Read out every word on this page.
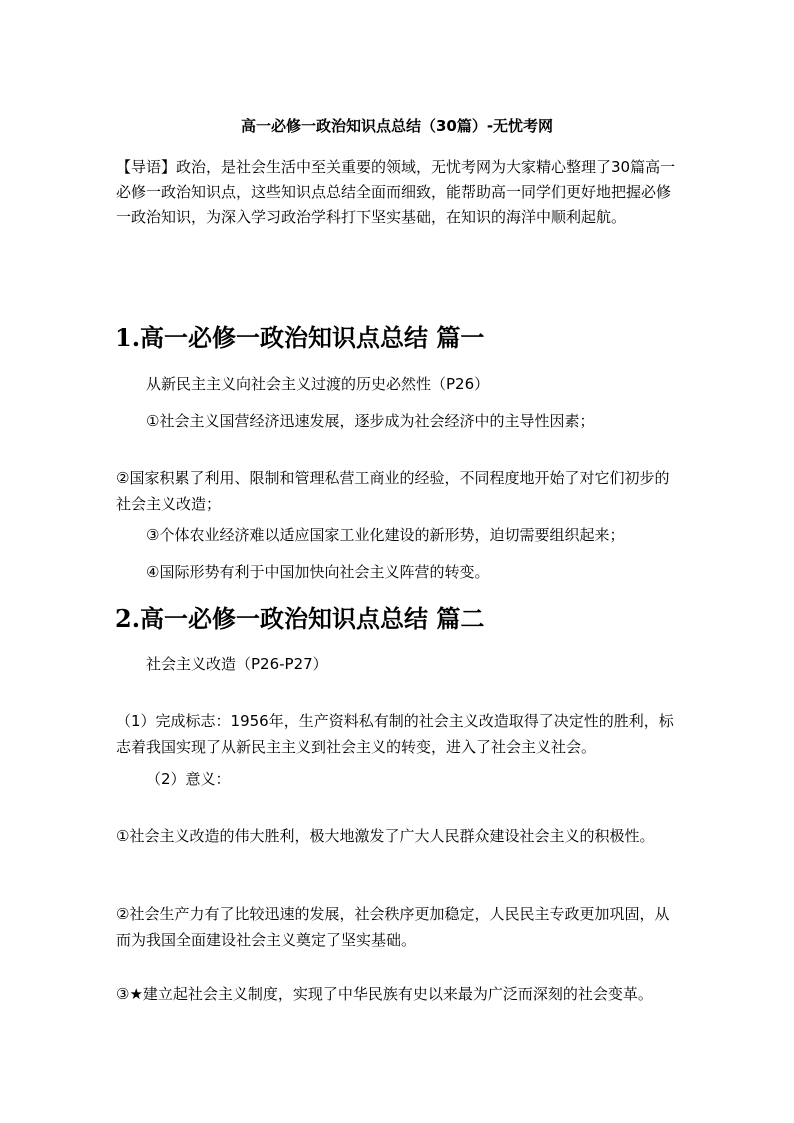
高一必修一政治知识点总结（30篇）-无忧考网
【导语】政治，是社会生活中至关重要的领域，无忧考网为大家精心整理了30篇高一必修一政治知识点，这些知识点总结全面而细致，能帮助高一同学们更好地把握必修一政治知识，为深入学习政治学科打下坚实基础，在知识的海洋中顺利起航。
1.高一必修一政治知识点总结 篇一
从新民主主义向社会主义过渡的历史必然性（P26）
①社会主义国营经济迅速发展，逐步成为社会经济中的主导性因素；
②国家积累了利用、限制和管理私营工商业的经验，不同程度地开始了对它们初步的社会主义改造；
③个体农业经济难以适应国家工业化建设的新形势，迫切需要组织起来；
④国际形势有利于中国加快向社会主义阵营的转变。
2.高一必修一政治知识点总结 篇二
社会主义改造（P26-P27）
（1）完成标志：1956年，生产资料私有制的社会主义改造取得了决定性的胜利，标志着我国实现了从新民主主义到社会主义的转变，进入了社会主义社会。
（2）意义：
①社会主义改造的伟大胜利，极大地激发了广大人民群众建设社会主义的积极性。
②社会生产力有了比较迅速的发展，社会秩序更加稳定，人民民主专政更加巩固，从而为我国全面建设社会主义奠定了坚实基础。
③★建立起社会主义制度，实现了中华民族有史以来最为广泛而深刻的社会变革。
